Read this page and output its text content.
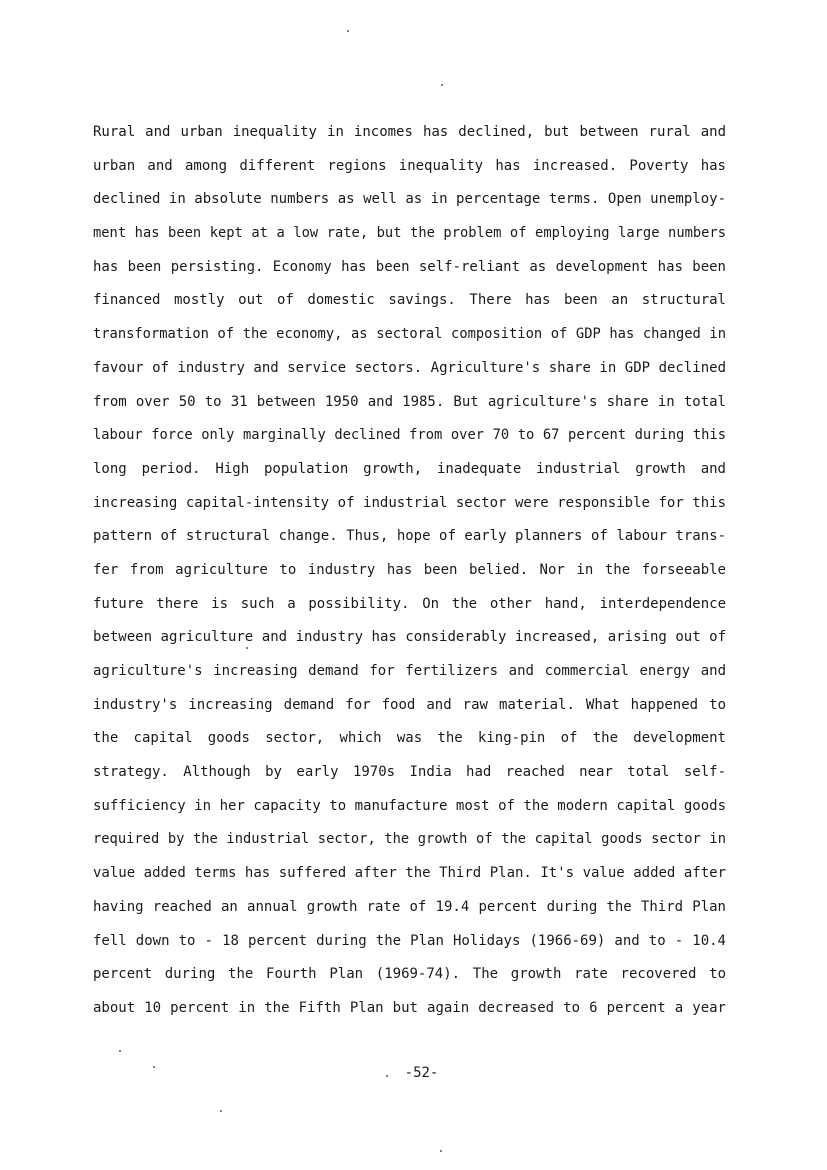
Rural and urban inequality in incomes has declined, but between rural and
urban and among different regions inequality has increased. Poverty has
declined in absolute numbers as well as in percentage terms. Open unemploy-
ment has been kept at a low rate, but the problem of employing large numbers
has been persisting. Economy has been self-reliant as development has been
financed mostly out of domestic savings. There has been an structural
transformation of the economy, as sectoral composition of GDP has changed in
favour of industry and service sectors. Agriculture's share in GDP declined
from over 50 to 31 between 1950 and 1985. But agriculture's share in total
labour force only marginally declined from over 70 to 67 percent during this
long period. High population growth, inadequate industrial growth and
increasing capital-intensity of industrial sector were responsible for this
pattern of structural change. Thus, hope of early planners of labour trans-
fer from agriculture to industry has been belied. Nor in the forseeable
future there is such a possibility. On the other hand, interdependence
between agriculture and industry has considerably increased, arising out of
agriculture's increasing demand for fertilizers and commercial energy and
industry's increasing demand for food and raw material. What happened to
the capital goods sector, which was the king-pin of the development
strategy. Although by early 1970s India had reached near total self-
sufficiency in her capacity to manufacture most of the modern capital goods
required by the industrial sector, the growth of the capital goods sector in
value added terms has suffered after the Third Plan. It's value added after
having reached an annual growth rate of 19.4 percent during the Third Plan
fell down to - 18 percent during the Plan Holidays (1966-69) and to - 10.4
percent during the Fourth Plan (1969-74). The growth rate recovered to
about 10 percent in the Fifth Plan but again decreased to 6 percent a year
-52-
